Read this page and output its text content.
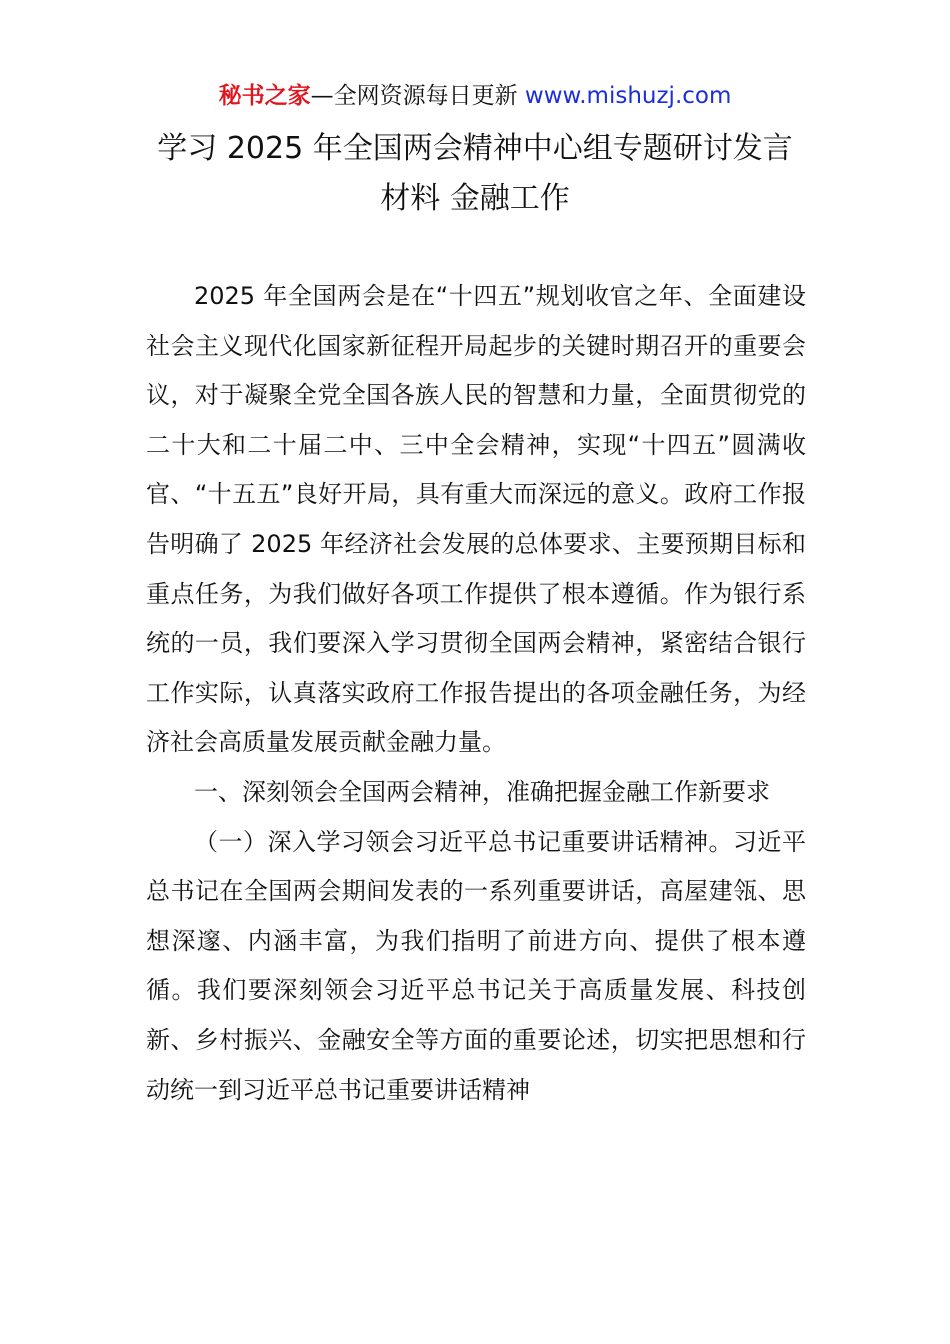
秘书之家—全网资源每日更新 www.mishuzj.com
学习 2025 年全国两会精神中心组专题研讨发言
材料 金融工作

2025 年全国两会是在“十四五”规划收官之年、全面建设社会主义现代化国家新征程开局起步的关键时期召开的重要会议，对于凝聚全党全国各族人民的智慧和力量，全面贯彻党的二十大和二十届二中、三中全会精神，实现“十四五”圆满收官、“十五五”良好开局，具有重大而深远的意义。政府工作报告明确了 2025 年经济社会发展的总体要求、主要预期目标和重点任务，为我们做好各项工作提供了根本遵循。作为银行系统的一员，我们要深入学习贯彻全国两会精神，紧密结合银行工作实际，认真落实政府工作报告提出的各项金融任务，为经济社会高质量发展贡献金融力量。

一、深刻领会全国两会精神，准确把握金融工作新要求

（一）深入学习领会习近平总书记重要讲话精神。习近平总书记在全国两会期间发表的一系列重要讲话，高屋建瓴、思想深邃、内涵丰富，为我们指明了前进方向、提供了根本遵循。我们要深刻领会习近平总书记关于高质量发展、科技创新、乡村振兴、金融安全等方面的重要论述，切实把思想和行动统一到习近平总书记重要讲话精神
